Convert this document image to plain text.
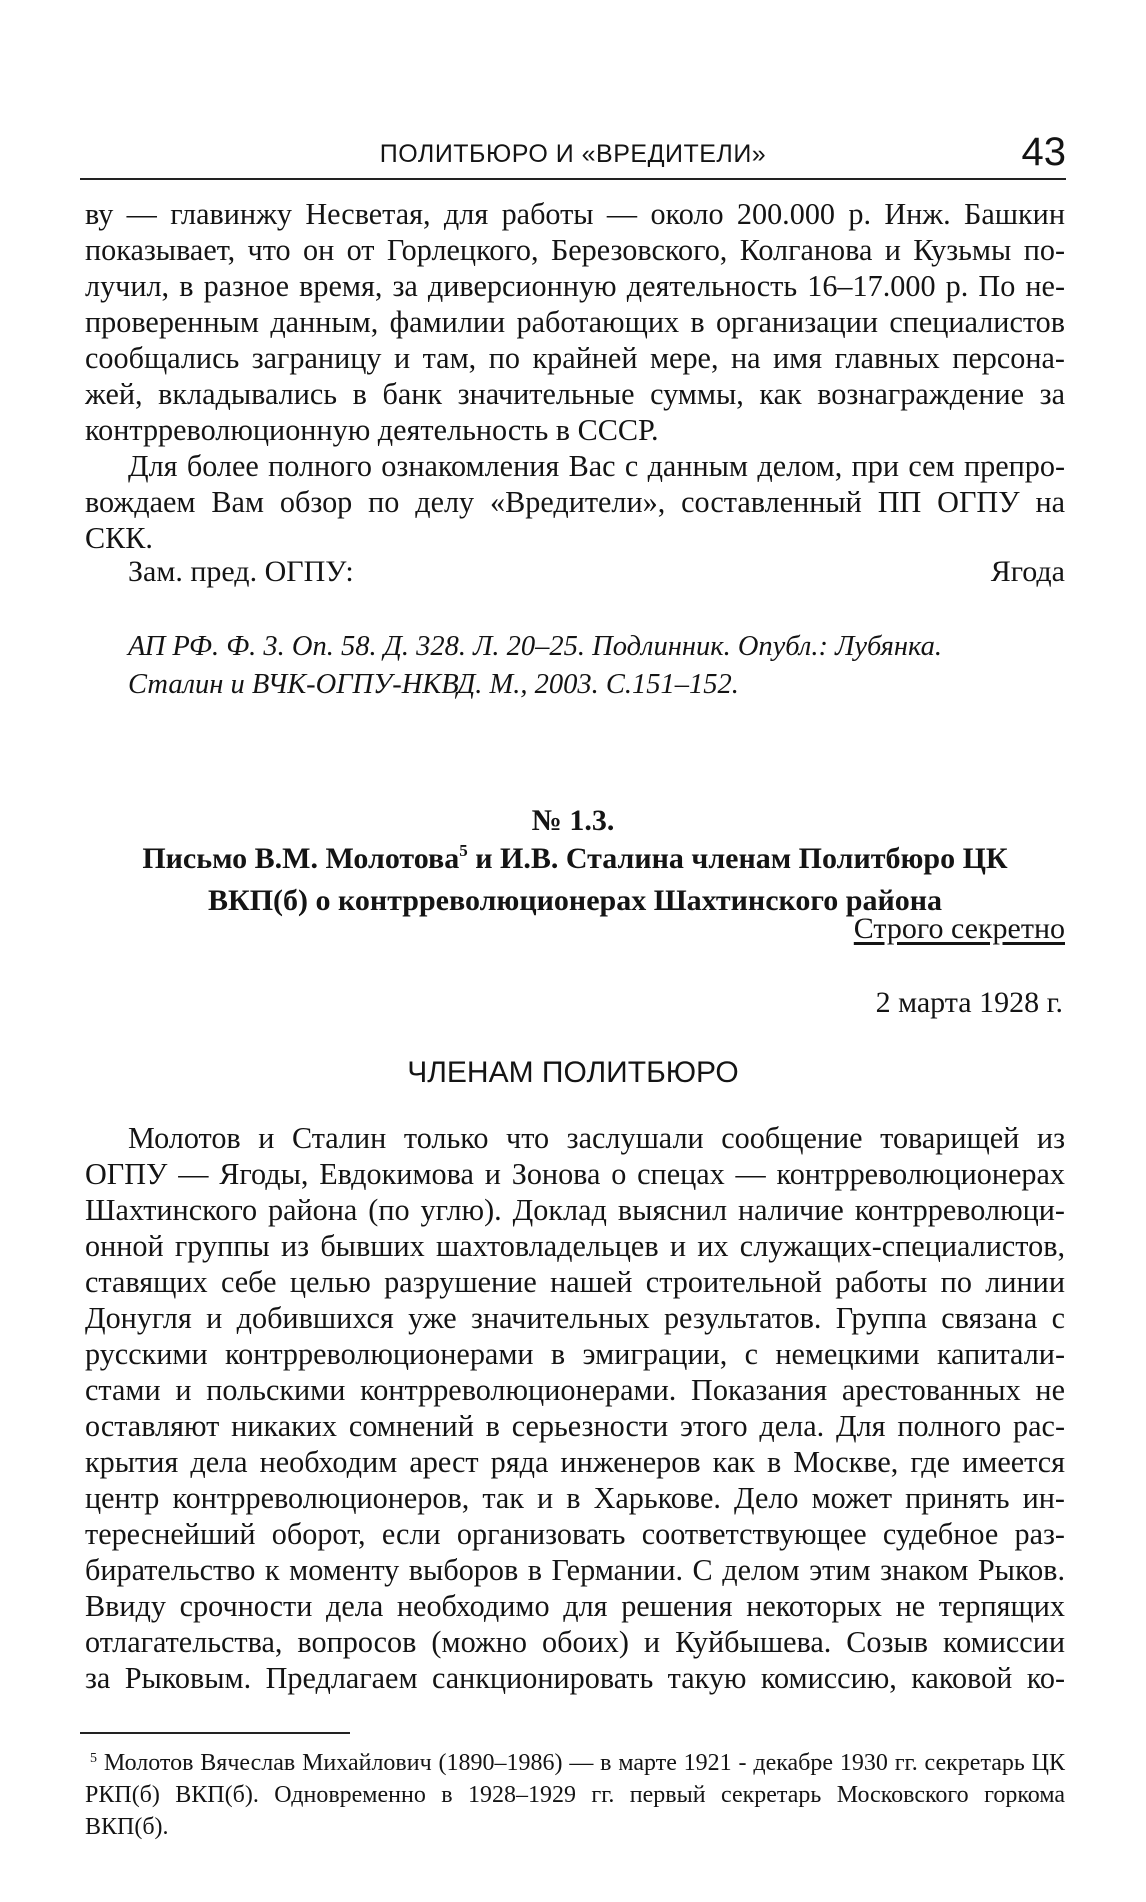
ПОЛИТБЮРО И «ВРЕДИТЕЛИ»	43
ву — главинжу Несветая, для работы — около 200.000 р. Инж. Башкин
показывает, что он от Горлецкого, Березовского, Колганова и Кузьмы по-
лучил, в разное время, за диверсионную деятельность 16–17.000 р. По не-
проверенным данным, фамилии работающих в организации специалистов
сообщались заграницу и там, по крайней мере, на имя главных персона-
жей, вкладывались в банк значительные суммы, как вознаграждение за
контрреволюционную деятельность в СССР.
Для более полного ознакомления Вас с данным делом, при сем препро-
вождаем Вам обзор по делу «Вредители», составленный ПП ОГПУ на СКК.
Зам. пред. ОГПУ:	Ягода
АП РФ. Ф. 3. Оп. 58. Д. 328. Л. 20–25. Подлинник. Опубл.: Лубянка.
Сталин и ВЧК-ОГПУ-НКВД. М., 2003. С.151–152.
№ 1.3.
Письмо В.М. Молотова$^5$ и И.В. Сталина членам Политбюро ЦК
ВКП(б) о контрреволюционерах Шахтинского района
Строго секретно
2 марта 1928 г.
ЧЛЕНАМ ПОЛИТБЮРО
Молотов и Сталин только что заслушали сообщение товарищей из
ОГПУ — Ягоды, Евдокимова и Зонова о спецах — контрреволюционерах
Шахтинского района (по углю). Доклад выяснил наличие контрреволюци-
онной группы из бывших шахтовладельцев и их служащих-специалистов,
ставящих себе целью разрушение нашей строительной работы по линии
Донугля и добившихся уже значительных результатов. Группа связана с
русскими контрреволюционерами в эмиграции, с немецкими капитали-
стами и польскими контрреволюционерами. Показания арестованных не
оставляют никаких сомнений в серьезности этого дела. Для полного рас-
крытия дела необходим арест ряда инженеров как в Москве, где имеется
центр контрреволюционеров, так и в Харькове. Дело может принять ин-
тереснейший оборот, если организовать соответствующее судебное раз-
бирательство к моменту выборов в Германии. С делом этим знаком Рыков.
Ввиду срочности дела необходимо для решения некоторых не терпящих
отлагательства, вопросов (можно обоих) и Куйбышева. Созыв комиссии
за Рыковым. Предлагаем санкционировать такую комиссию, каковой ко-
$^5$ Молотов Вячеслав Михайлович (1890–1986) — в марте 1921 - декабре 1930 гг. секретарь ЦК
РКП(б) ВКП(б). Одновременно в 1928–1929 гг. первый секретарь Московского горкома ВКП(б).
